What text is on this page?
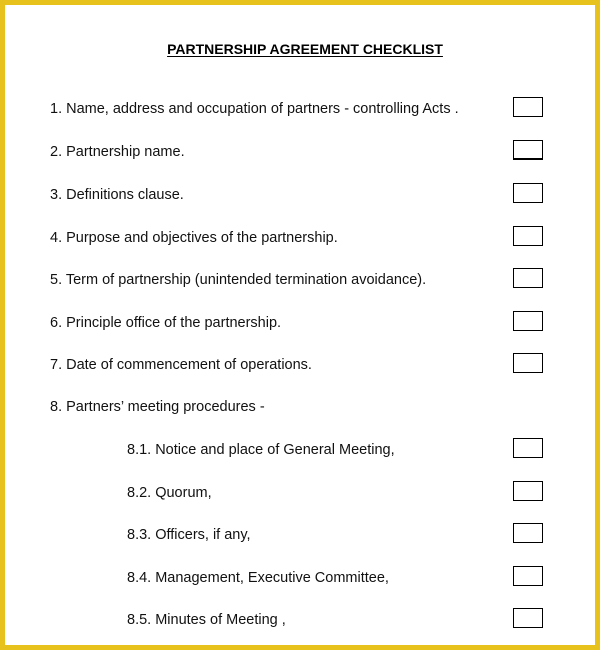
PARTNERSHIP AGREEMENT CHECKLIST
1. Name, address and occupation of partners - controlling Acts .
2. Partnership name.
3. Definitions clause.
4. Purpose and objectives of the partnership.
5. Term of partnership (unintended termination avoidance).
6. Principle office of the partnership.
7. Date of commencement of operations.
8. Partners’ meeting procedures -
8.1. Notice and place of General Meeting,
8.2. Quorum,
8.3. Officers, if any,
8.4. Management, Executive Committee,
8.5. Minutes of Meeting ,
